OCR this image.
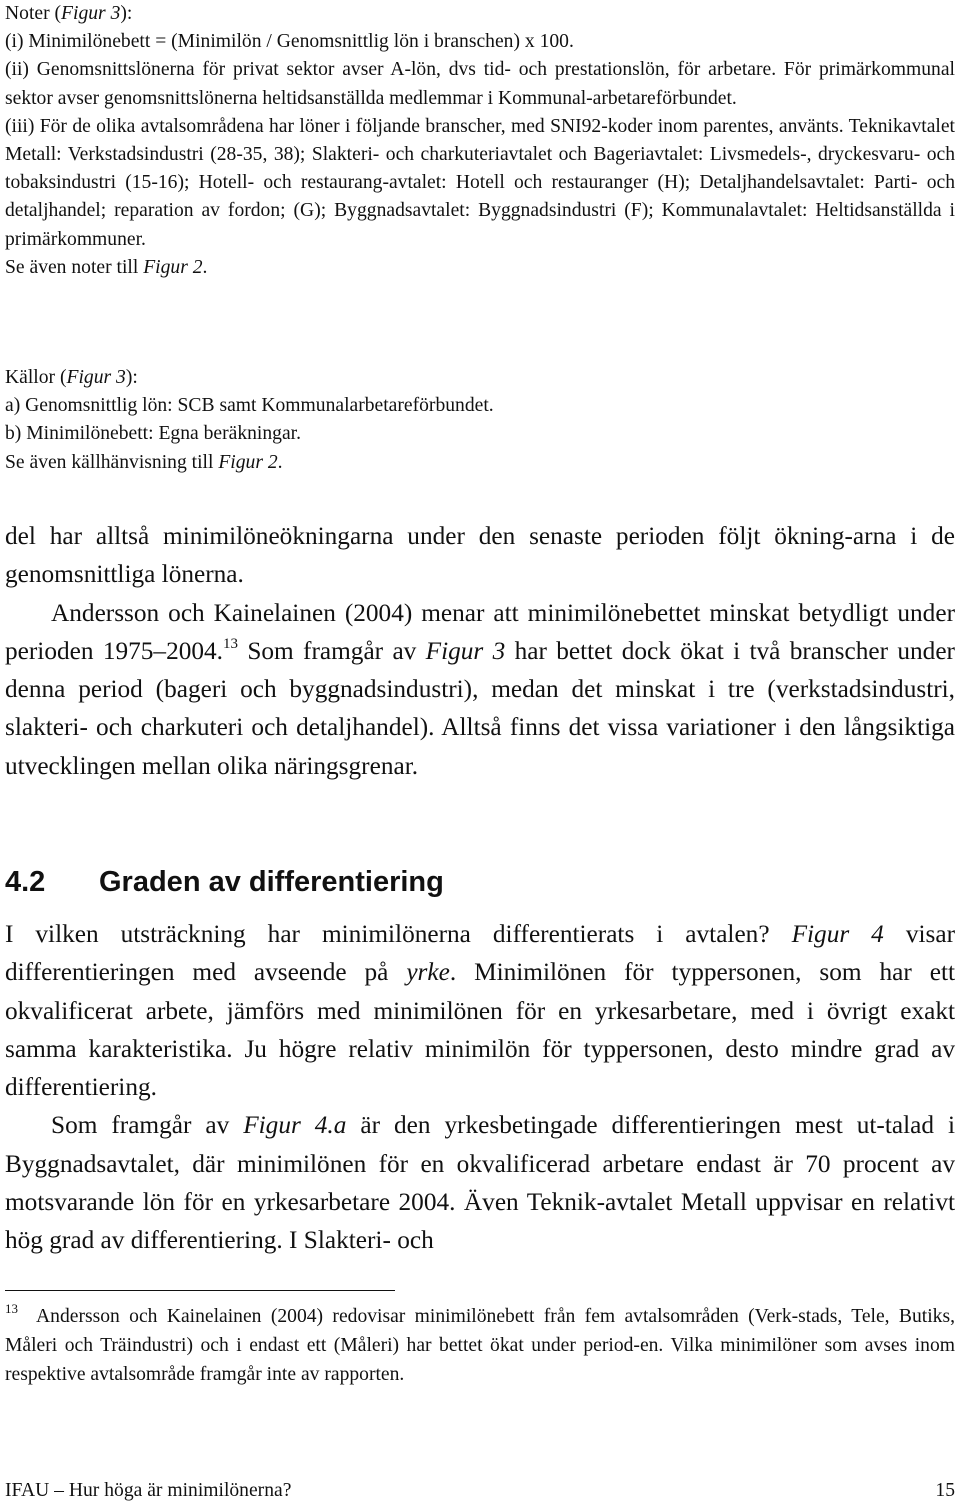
Noter (Figur 3):

(i) Minimilönebett = (Minimilön / Genomsnittlig lön i branschen) x 100.

(ii) Genomsnittslönerna för privat sektor avser A-lön, dvs tid- och prestationslön, för arbetare. För primärkommunal sektor avser genomsnittslönerna heltidsanställda medlemmar i Kommunal-arbetareförbundet.

(iii) För de olika avtalsområdena har löner i följande branscher, med SNI92-koder inom parentes, använts. Teknikavtalet Metall: Verkstadsindustri (28-35, 38); Slakteri- och charkuteriavtalet och Bageriavtalet: Livsmedels-, dryckesvaru- och tobaksindustri (15-16); Hotell- och restaurang-avtalet: Hotell och restauranger (H); Detaljhandelsavtalet: Parti- och detaljhandel; reparation av fordon; (G); Byggnadsavtalet: Byggnadsindustri (F); Kommunalavtalet: Heltidsanställda i primärkommuner.

Se även noter till Figur 2.

Källor (Figur 3):

a) Genomsnittlig lön: SCB samt Kommunalarbetareförbundet.

b) Minimilönebett: Egna beräkningar.

Se även källhänvisning till Figur 2.

del har alltså minimilöneökningarna under den senaste perioden följt ökning-arna i de genomsnittliga lönerna.

Andersson och Kainelainen (2004) menar att minimilönebettet minskat betydligt under perioden 1975–2004.13 Som framgår av Figur 3 har bettet dock ökat i två branscher under denna period (bageri och byggnadsindustri), medan det minskat i tre (verkstadsindustri, slakteri- och charkuteri och detaljhandel). Alltså finns det vissa variationer i den långsiktiga utvecklingen mellan olika näringsgrenar.

4.2 Graden av differentiering

I vilken utsträckning har minimilönerna differentierats i avtalen? Figur 4 visar differentieringen med avseende på yrke. Minimilönen för typpersonen, som har ett okvalificerat arbete, jämförs med minimilönen för en yrkesarbetare, med i övrigt exakt samma karakteristika. Ju högre relativ minimilön för typpersonen, desto mindre grad av differentiering.

Som framgår av Figur 4.a är den yrkesbetingade differentieringen mest ut-talad i Byggnadsavtalet, där minimilönen för en okvalificerad arbetare endast är 70 procent av motsvarande lön för en yrkesarbetare 2004. Även Teknik-avtalet Metall uppvisar en relativt hög grad av differentiering. I Slakteri- och

$^{13}$ Andersson och Kainelainen (2004) redovisar minimilönebett från fem avtalsområden (Verk-stads, Tele, Butiks, Måleri och Träindustri) och i endast ett (Måleri) har bettet ökat under period-en. Vilka minimilöner som avses inom respektive avtalsområde framgår inte av rapporten.
IFAU – Hur höga är minimilönerna?	15
